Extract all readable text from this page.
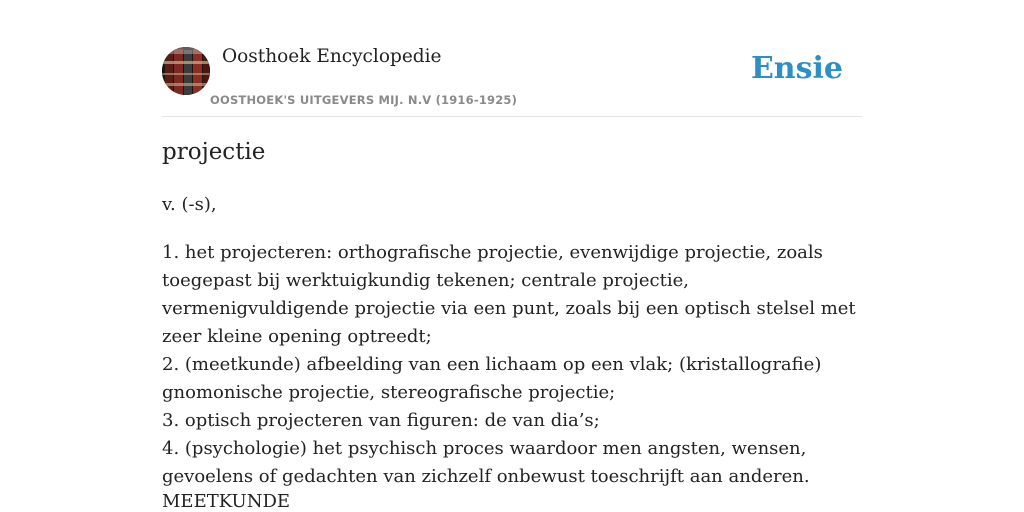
Oosthoek Encyclopedie
OOSTHOEK'S UITGEVERS MIJ. N.V (1916-1925)
Ensie
projectie
v. (-s),
1. het projecteren: orthografische projectie, evenwijdige projectie, zoals toegepast bij werktuigkundig tekenen; centrale projectie, vermenigvuldigende projectie via een punt, zoals bij een optisch stelsel met zeer kleine opening optreedt;
2. (meetkunde) afbeelding van een lichaam op een vlak; (kristallografie) gnomonische projectie, stereografische projectie;
3. optisch projecteren van figuren: de van dia’s;
4. (psychologie) het psychisch proces waardoor men angsten, wensen, gevoelens of gedachten van zichzelf onbewust toeschrijft aan anderen.
MEETKUNDE
